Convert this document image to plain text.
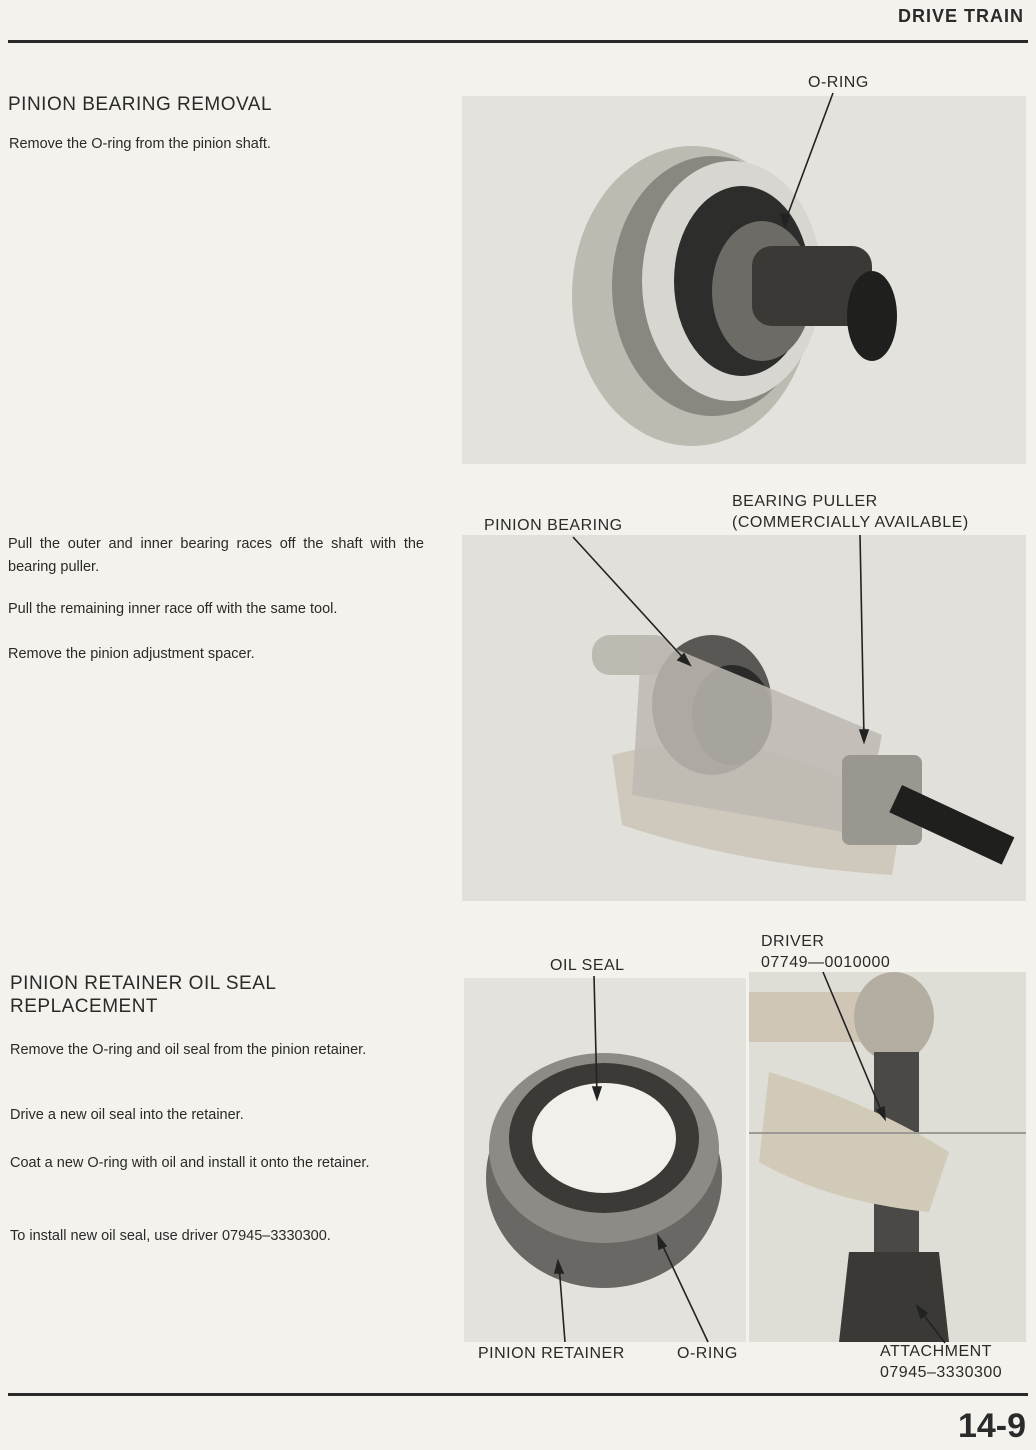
DRIVE TRAIN
PINION BEARING REMOVAL
Remove the O-ring from the pinion shaft.
Pull the outer and inner bearing races off the shaft with the bearing puller.
Pull the remaining inner race off with the same tool.
Remove the pinion adjustment spacer.
PINION RETAINER OIL SEAL
REPLACEMENT
Remove the O-ring and oil seal from the pinion retainer.
Drive a new oil seal into the retainer.
Coat a new O-ring with oil and install it onto the retainer.
To install new oil seal, use driver 07945–3330300.
O-RING
PINION BEARING
BEARING PULLER
(COMMERCIALLY AVAILABLE)
OIL SEAL
PINION RETAINER	O-RING
DRIVER
07749—0010000
ATTACHMENT
07945–3330300
14-9
